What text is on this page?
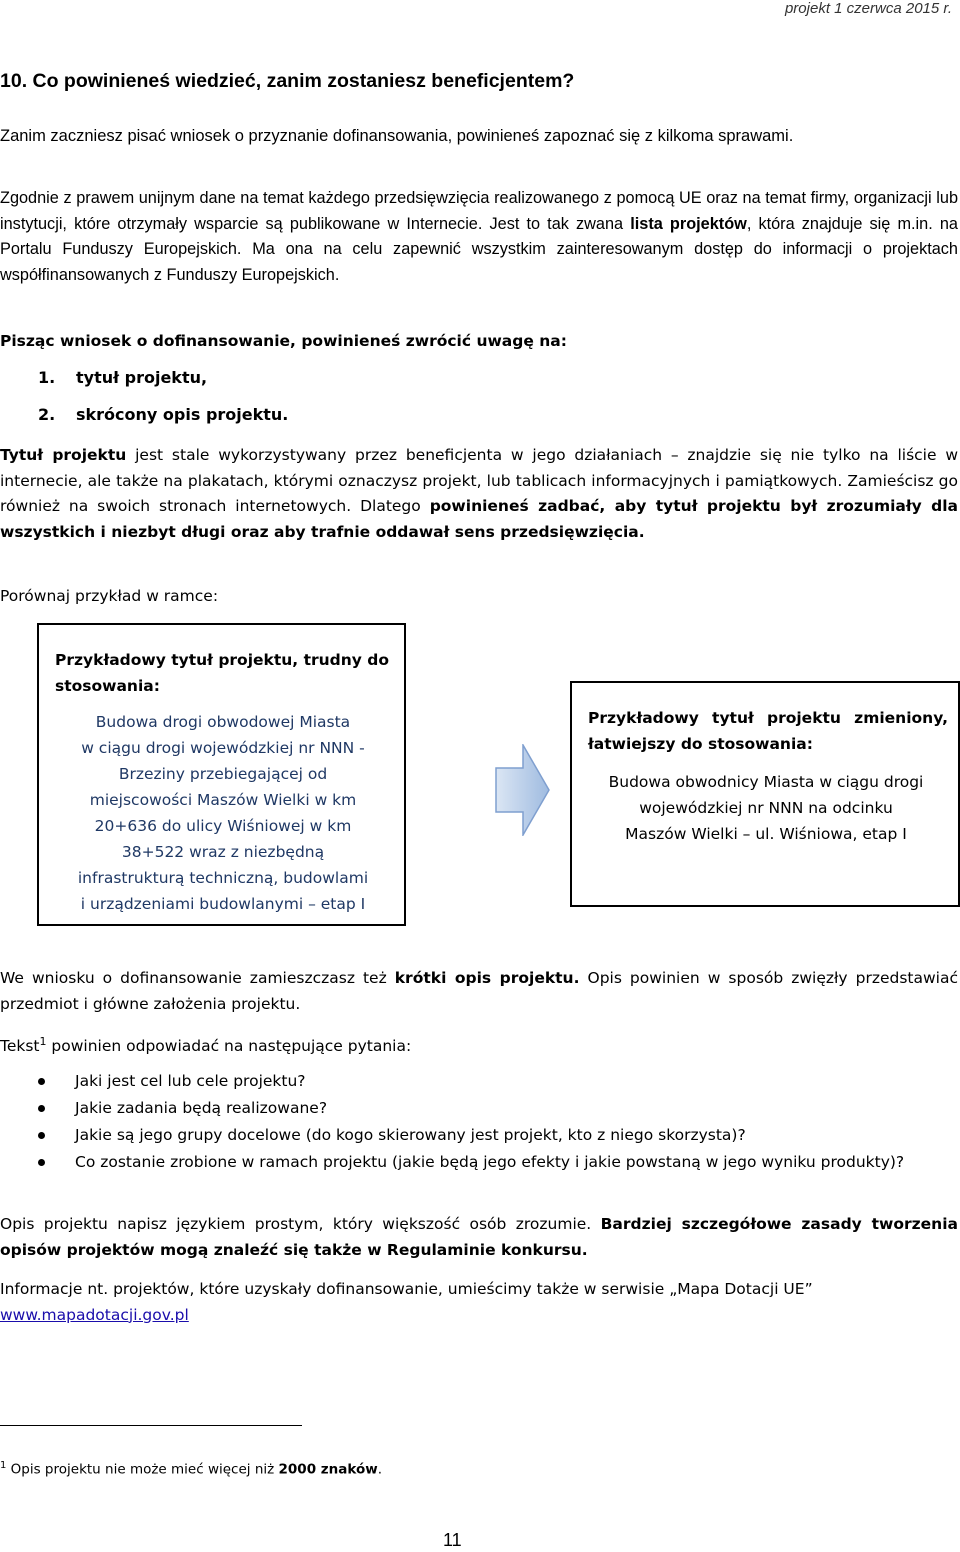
projekt 1 czerwca 2015 r.
10. Co powinieneś wiedzieć, zanim zostaniesz beneficjentem?
Zanim zaczniesz pisać wniosek o przyznanie dofinansowania, powinieneś zapoznać się z kilkoma sprawami.
Zgodnie z prawem unijnym dane na temat każdego przedsięwzięcia realizowanego z pomocą UE oraz na temat firmy, organizacji lub instytucji, które otrzymały wsparcie są publikowane w Internecie. Jest to tak zwana lista projektów, która znajduje się m.in. na Portalu Funduszy Europejskich. Ma ona na celu zapewnić wszystkim zainteresowanym dostęp do informacji o projektach współfinansowanych z Funduszy Europejskich.
Pisząc wniosek o dofinansowanie, powinieneś zwrócić uwagę na:
1. tytuł projektu,
2. skrócony opis projektu.
Tytuł projektu jest stale wykorzystywany przez beneficjenta w jego działaniach – znajdzie się nie tylko na liście w internecie, ale także na plakatach, którymi oznaczysz projekt, lub tablicach informacyjnych i pamiątkowych. Zamieścisz go również na swoich stronach internetowych. Dlatego powinieneś zadbać, aby tytuł projektu był zrozumiały dla wszystkich i niezbyt długi oraz aby trafnie oddawał sens przedsięwzięcia.
Porównaj przykład w ramce:
Przykładowy tytuł projektu, trudny do stosowania:
Budowa drogi obwodowej Miasta
w ciągu drogi wojewódzkiej nr NNN -
Brzeziny przebiegającej od
miejscowości Maszów Wielki w km
20+636 do ulicy Wiśniowej w km
38+522 wraz z niezbędną
infrastrukturą techniczną, budowlami
i urządzeniami budowlanymi – etap I
Przykładowy tytuł projektu zmieniony, łatwiejszy do stosowania:
Budowa obwodnicy Miasta w ciągu drogi
wojewódzkiej nr NNN na odcinku
Maszów Wielki – ul. Wiśniowa, etap I
We wniosku o dofinansowanie zamieszczasz też krótki opis projektu. Opis powinien w sposób zwięzły przedstawiać przedmiot i główne założenia projektu.
Tekst$^1$ powinien odpowiadać na następujące pytania:
Jaki jest cel lub cele projektu?
Jakie zadania będą realizowane?
Jakie są jego grupy docelowe (do kogo skierowany jest projekt, kto z niego skorzysta)?
Co zostanie zrobione w ramach projektu (jakie będą jego efekty i jakie powstaną w jego wyniku produkty)?
Opis projektu napisz językiem prostym, który większość osób zrozumie. Bardziej szczegółowe zasady tworzenia opisów projektów mogą znaleźć się także w Regulaminie konkursu.
Informacje nt. projektów, które uzyskały dofinansowanie, umieścimy także w serwisie „Mapa Dotacji UE”
www.mapadotacji.gov.pl
$^1$ Opis projektu nie może mieć więcej niż 2000 znaków.
11
